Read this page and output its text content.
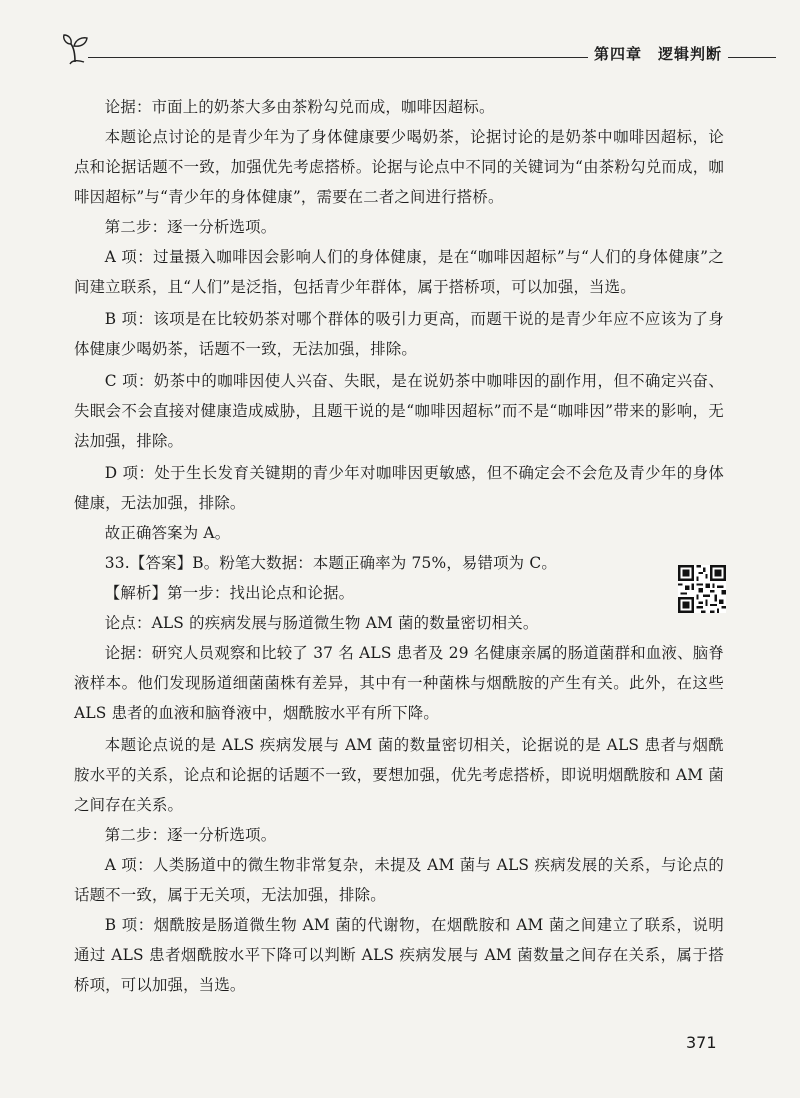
第四章　逻辑判断

论据：市面上的奶茶大多由茶粉勾兑而成，咖啡因超标。

本题论点讨论的是青少年为了身体健康要少喝奶茶，论据讨论的是奶茶中咖啡因超标，论点和论据话题不一致，加强优先考虑搭桥。论据与论点中不同的关键词为“由茶粉勾兑而成，咖啡因超标”与“青少年的身体健康”，需要在二者之间进行搭桥。

第二步：逐一分析选项。

A 项：过量摄入咖啡因会影响人们的身体健康，是在“咖啡因超标”与“人们的身体健康”之间建立联系，且“人们”是泛指，包括青少年群体，属于搭桥项，可以加强，当选。

B 项：该项是在比较奶茶对哪个群体的吸引力更高，而题干说的是青少年应不应该为了身体健康少喝奶茶，话题不一致，无法加强，排除。

C 项：奶茶中的咖啡因使人兴奋、失眠，是在说奶茶中咖啡因的副作用，但不确定兴奋、失眠会不会直接对健康造成威胁，且题干说的是“咖啡因超标”而不是“咖啡因”带来的影响，无法加强，排除。

D 项：处于生长发育关键期的青少年对咖啡因更敏感，但不确定会不会危及青少年的身体健康，无法加强，排除。

故正确答案为 A。

33.【答案】B。粉笔大数据：本题正确率为 75%，易错项为 C。

【解析】第一步：找出论点和论据。

论点：ALS 的疾病发展与肠道微生物 AM 菌的数量密切相关。

论据：研究人员观察和比较了 37 名 ALS 患者及 29 名健康亲属的肠道菌群和血液、脑脊液样本。他们发现肠道细菌菌株有差异，其中有一种菌株与烟酰胺的产生有关。此外，在这些 ALS 患者的血液和脑脊液中，烟酰胺水平有所下降。

本题论点说的是 ALS 疾病发展与 AM 菌的数量密切相关，论据说的是 ALS 患者与烟酰胺水平的关系，论点和论据的话题不一致，要想加强，优先考虑搭桥，即说明烟酰胺和 AM 菌之间存在关系。

第二步：逐一分析选项。

A 项：人类肠道中的微生物非常复杂，未提及 AM 菌与 ALS 疾病发展的关系，与论点的话题不一致，属于无关项，无法加强，排除。

B 项：烟酰胺是肠道微生物 AM 菌的代谢物，在烟酰胺和 AM 菌之间建立了联系，说明通过 ALS 患者烟酰胺水平下降可以判断 ALS 疾病发展与 AM 菌数量之间存在关系，属于搭桥项，可以加强，当选。

371
